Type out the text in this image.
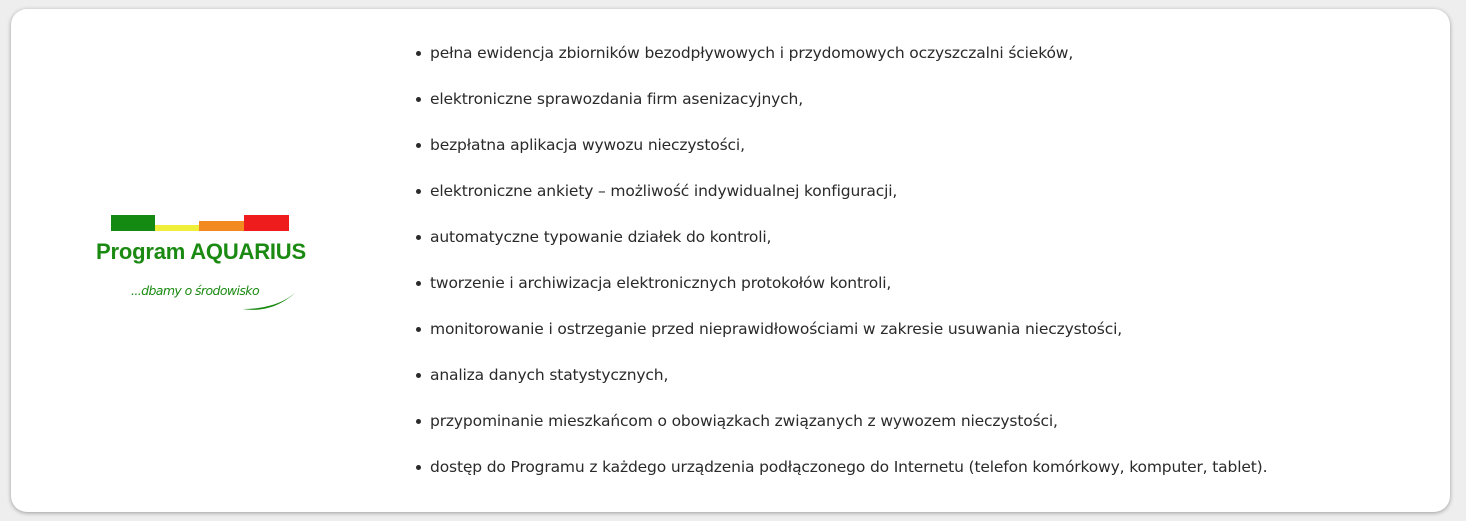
Program AQUARIUS
...dbamy o środowisko
pełna ewidencja zbiorników bezodpływowych i przydomowych oczyszczalni ścieków,
elektroniczne sprawozdania firm asenizacyjnych,
bezpłatna aplikacja wywozu nieczystości,
elektroniczne ankiety – możliwość indywidualnej konfiguracji,
automatyczne typowanie działek do kontroli,
tworzenie i archiwizacja elektronicznych protokołów kontroli,
monitorowanie i ostrzeganie przed nieprawidłowościami w zakresie usuwania nieczystości,
analiza danych statystycznych,
przypominanie mieszkańcom o obowiązkach związanych z wywozem nieczystości,
dostęp do Programu z każdego urządzenia podłączonego do Internetu (telefon komórkowy, komputer, tablet).
